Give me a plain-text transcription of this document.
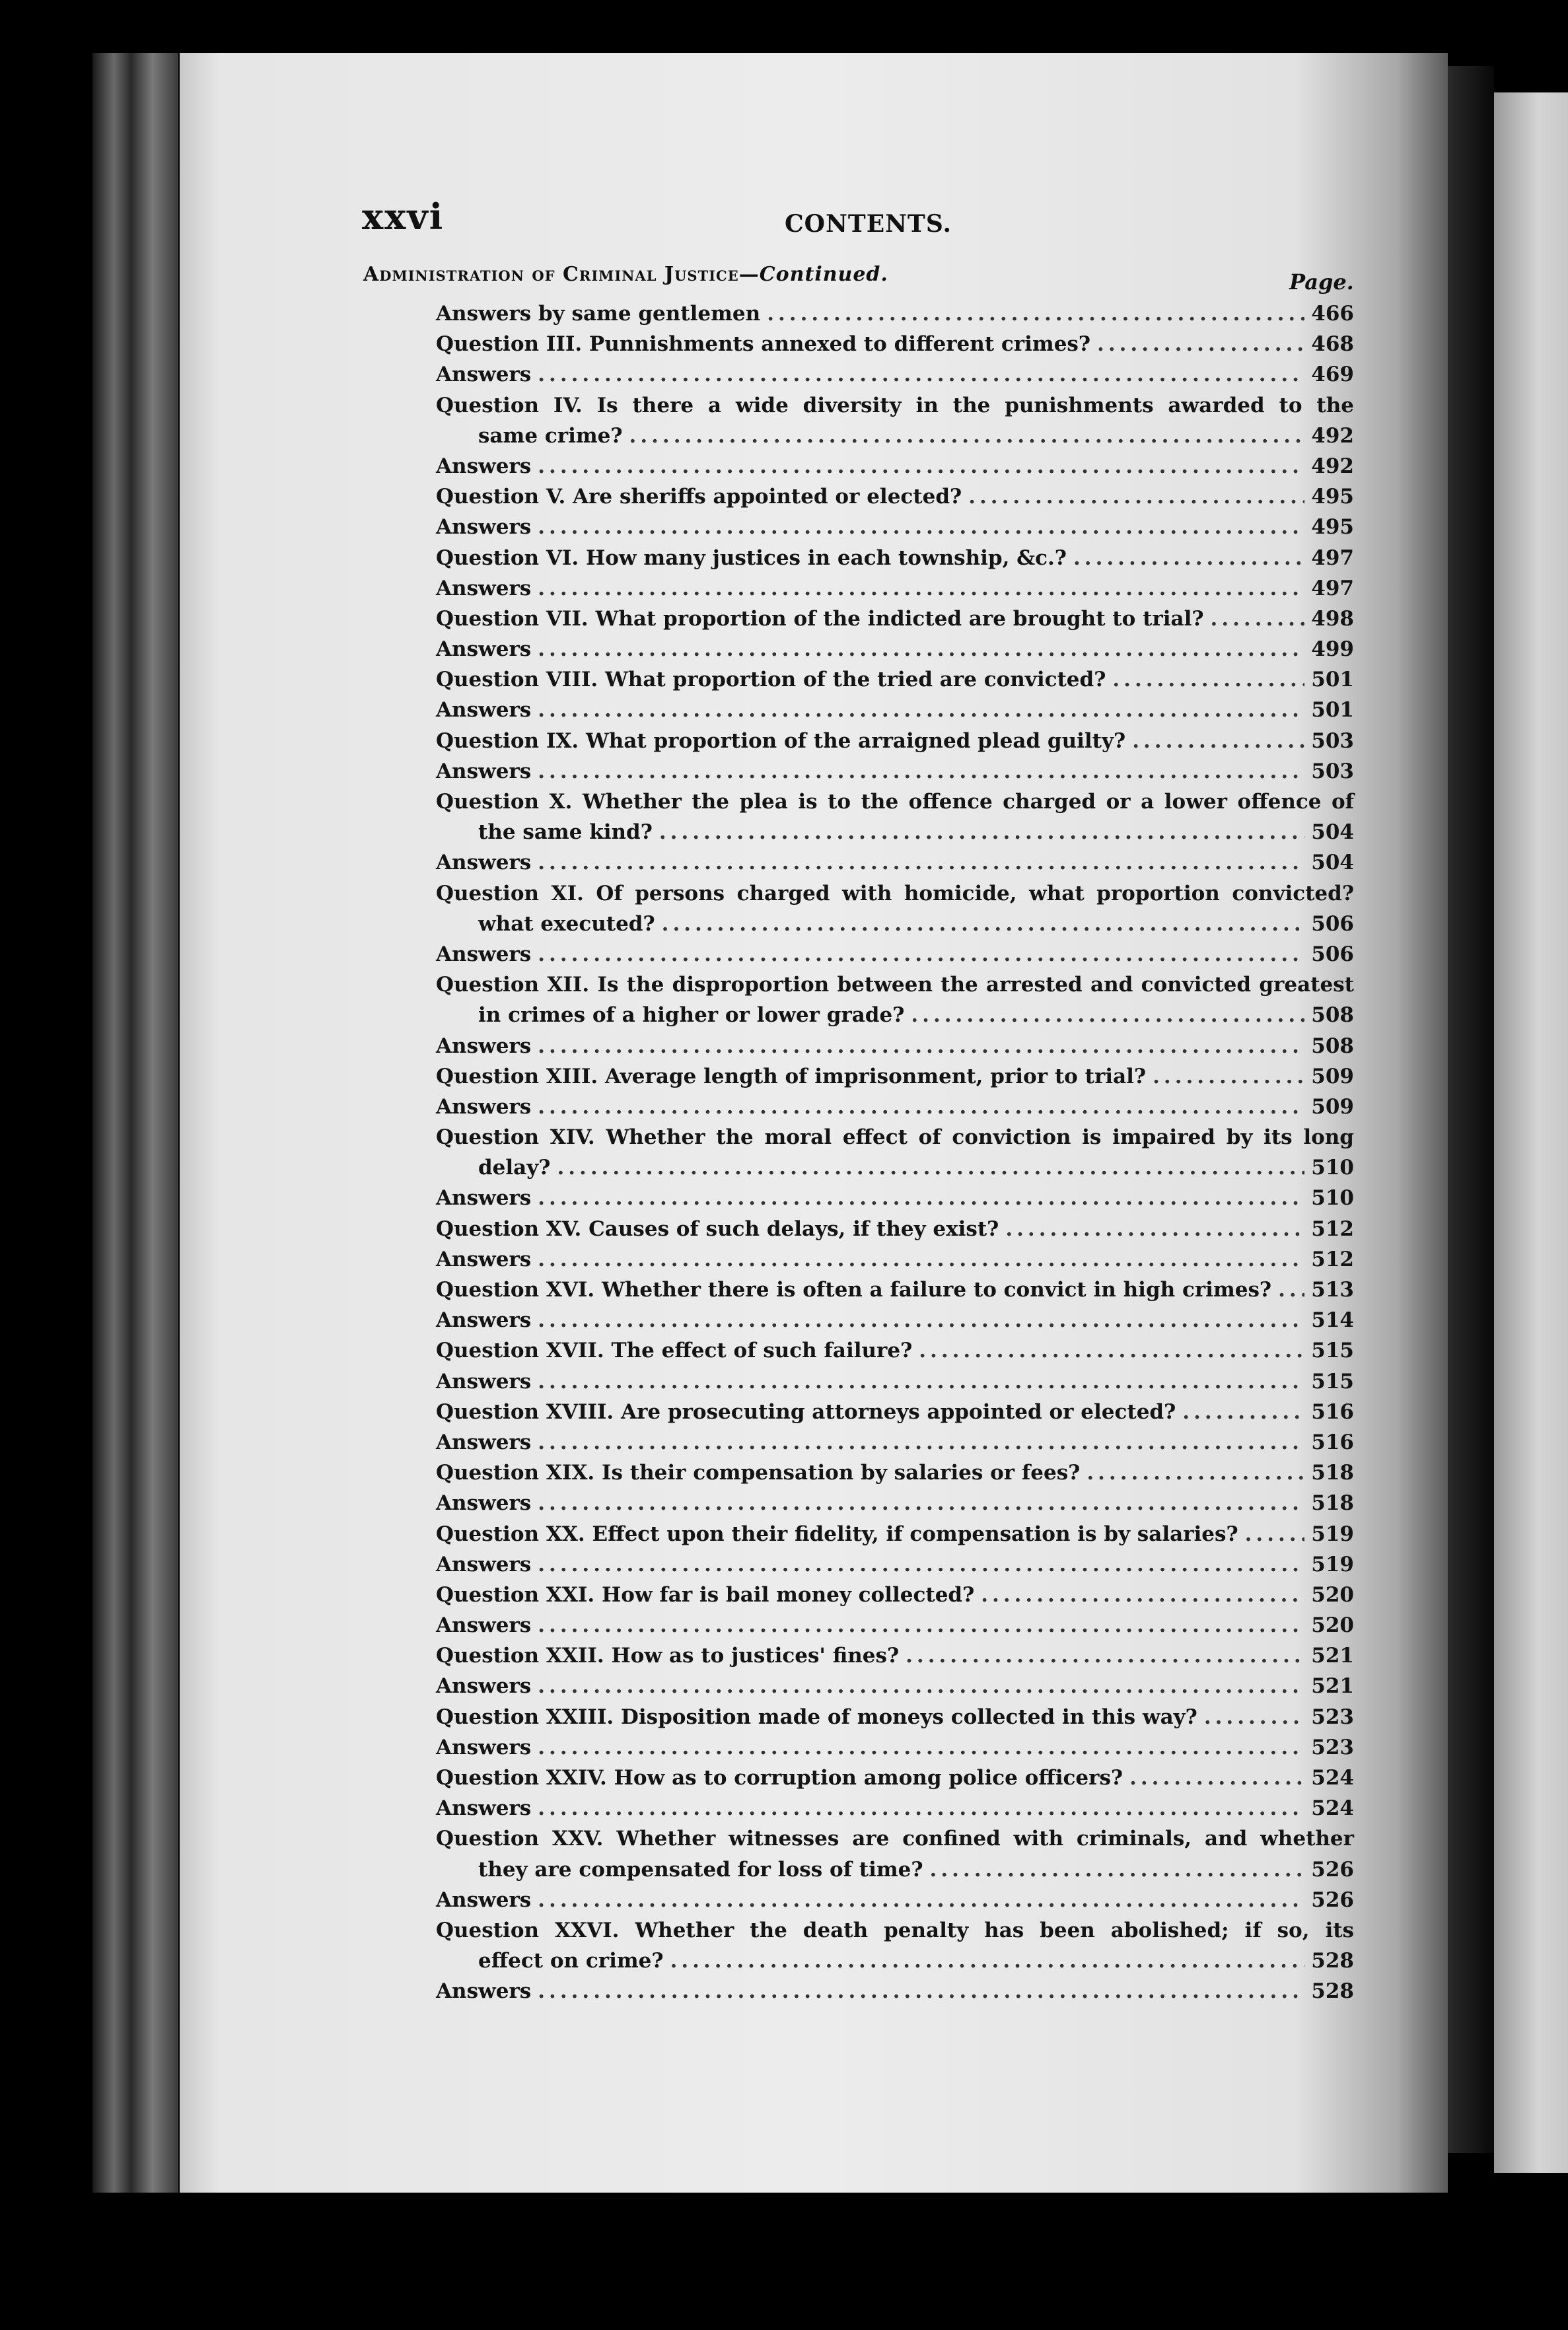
xxvi	CONTENTS.
Administration of Criminal Justice—Continued.	Page.
Answers by same gentlemen .....	466
Question III. Punnishments annexed to different crimes? .....	468
Answers .....	469
Question IV. Is there a wide diversity in the punishments awarded to the
same crime? .....	492
Answers .....	492
Question V. Are sheriffs appointed or elected? .....	495
Answers .....	495
Question VI. How many justices in each township, &c.? .....	497
Answers .....	497
Question VII. What proportion of the indicted are brought to trial? .....	498
Answers .....	499
Question VIII. What proportion of the tried are convicted? .....	501
Answers .....	501
Question IX. What proportion of the arraigned plead guilty? .....	503
Answers .....	503
Question X. Whether the plea is to the offence charged or a lower offence of
the same kind? .....	504
Answers .....	504
Question XI. Of persons charged with homicide, what proportion convicted?
what executed? .....	506
Answers .....	506
Question XII. Is the disproportion between the arrested and convicted greatest
in crimes of a higher or lower grade? .....	508
Answers .....	508
Question XIII. Average length of imprisonment, prior to trial? .....	509
Answers .....	509
Question XIV. Whether the moral effect of conviction is impaired by its long
delay? .....	510
Answers .....	510
Question XV. Causes of such delays, if they exist? .....	512
Answers .....	512
Question XVI. Whether there is often a failure to convict in high crimes? ..... 513
Answers .....	514
Question XVII. The effect of such failure? .....	515
Answers .....	515
Question XVIII. Are prosecuting attorneys appointed or elected? .....	516
Answers .....	516
Question XIX. Is their compensation by salaries or fees? .....	518
Answers .....	518
Question XX. Effect upon their fidelity, if compensation is by salaries? .....	519
Answers .....	519
Question XXI. How far is bail money collected? .....	520
Answers .....	520
Question XXII. How as to justices' fines? .....	521
Answers .....	521
Question XXIII. Disposition made of moneys collected in this way? .....	523
Answers .....	523
Question XXIV. How as to corruption among police officers? .....	524
Answers .....	524
Question XXV. Whether witnesses are confined with criminals, and whether
they are compensated for loss of time? .....	526
Answers .....	526
Question XXVI. Whether the death penalty has been abolished; if so, its
effect on crime? .....	528
Answers .....	528
